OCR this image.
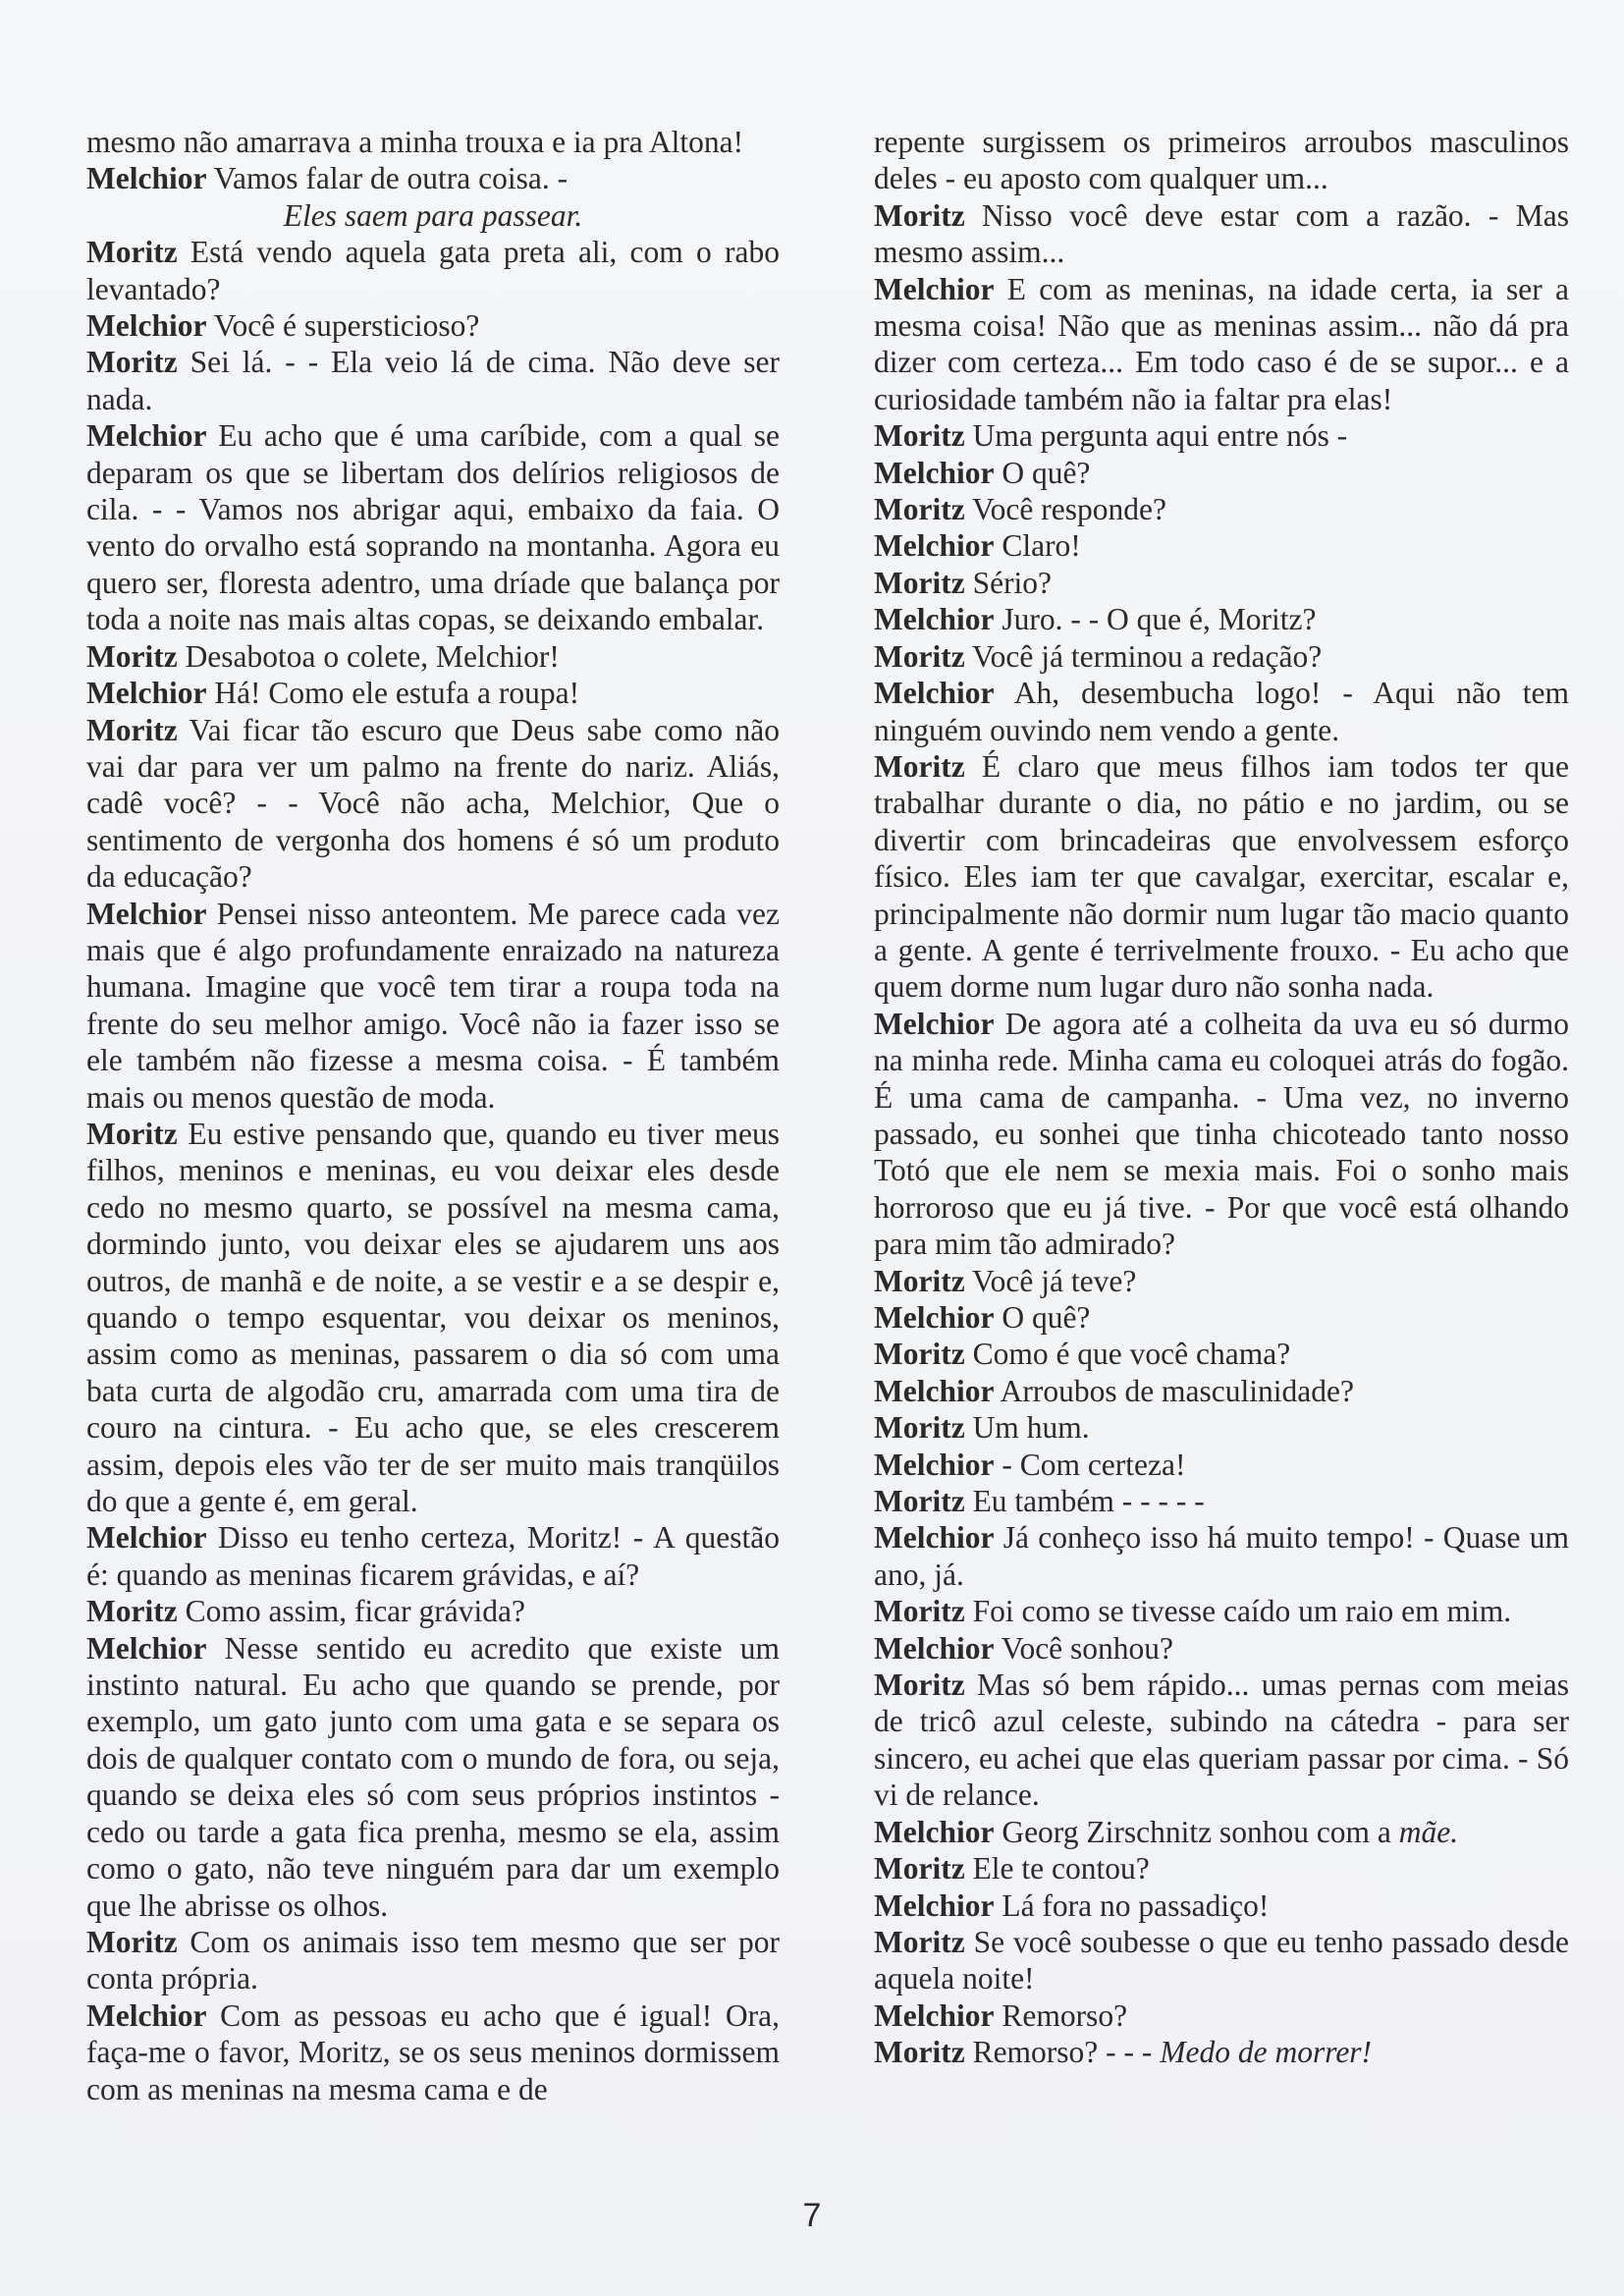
mesmo não amarrava a minha trouxa e ia pra Altona!

Melchior Vamos falar de outra coisa. -

Eles saem para passear.

Moritz Está vendo aquela gata preta ali, com o rabo levantado?

Melchior Você é supersticioso?

Moritz Sei lá. - - Ela veio lá de cima. Não deve ser nada.

Melchior Eu acho que é uma caríbide, com a qual se deparam os que se libertam dos delírios religiosos de cila. - - Vamos nos abrigar aqui, embaixo da faia. O vento do orvalho está soprando na montanha. Agora eu quero ser, floresta adentro, uma dríade que balança por toda a noite nas mais altas copas, se deixando embalar.

Moritz Desabotoa o colete, Melchior!

Melchior Há! Como ele estufa a roupa!

Moritz Vai ficar tão escuro que Deus sabe como não vai dar para ver um palmo na frente do nariz. Aliás, cadê você? - - Você não acha, Melchior, Que o sentimento de vergonha dos homens é só um produto da educação?

Melchior Pensei nisso anteontem. Me parece cada vez mais que é algo profundamente enraizado na natureza humana. Imagine que você tem tirar a roupa toda na frente do seu melhor amigo. Você não ia fazer isso se ele também não fizesse a mesma coisa. - É também mais ou menos questão de moda.

Moritz Eu estive pensando que, quando eu tiver meus filhos, meninos e meninas, eu vou deixar eles desde cedo no mesmo quarto, se possível na mesma cama, dormindo junto, vou deixar eles se ajudarem uns aos outros, de manhã e de noite, a se vestir e a se despir e, quando o tempo esquentar, vou deixar os meninos, assim como as meninas, passarem o dia só com uma bata curta de algodão cru, amarrada com uma tira de couro na cintura. - Eu acho que, se eles crescerem assim, depois eles vão ter de ser muito mais tranqüilos do que a gente é, em geral.

Melchior Disso eu tenho certeza, Moritz! - A questão é: quando as meninas ficarem grávidas, e aí?

Moritz Como assim, ficar grávida?

Melchior Nesse sentido eu acredito que existe um instinto natural. Eu acho que quando se prende, por exemplo, um gato junto com uma gata e se separa os dois de qualquer contato com o mundo de fora, ou seja, quando se deixa eles só com seus próprios instintos - cedo ou tarde a gata fica prenha, mesmo se ela, assim como o gato, não teve ninguém para dar um exemplo que lhe abrisse os olhos.

Moritz Com os animais isso tem mesmo que ser por conta própria.

Melchior Com as pessoas eu acho que é igual! Ora, faça-me o favor, Moritz, se os seus meninos dormissem com as meninas na mesma cama e de

repente surgissem os primeiros arroubos masculinos deles - eu aposto com qualquer um...

Moritz Nisso você deve estar com a razão. - Mas mesmo assim...

Melchior E com as meninas, na idade certa, ia ser a mesma coisa! Não que as meninas assim... não dá pra dizer com certeza... Em todo caso é de se supor... e a curiosidade também não ia faltar pra elas!

Moritz Uma pergunta aqui entre nós -

Melchior O quê?

Moritz Você responde?

Melchior Claro!

Moritz Sério?

Melchior Juro. - - O que é, Moritz?

Moritz Você já terminou a redação?

Melchior Ah, desembucha logo! - Aqui não tem ninguém ouvindo nem vendo a gente.

Moritz É claro que meus filhos iam todos ter que trabalhar durante o dia, no pátio e no jardim, ou se divertir com brincadeiras que envolvessem esforço físico. Eles iam ter que cavalgar, exercitar, escalar e, principalmente não dormir num lugar tão macio quanto a gente. A gente é terrivelmente frouxo. - Eu acho que quem dorme num lugar duro não sonha nada.

Melchior De agora até a colheita da uva eu só durmo na minha rede. Minha cama eu coloquei atrás do fogão. É uma cama de campanha. - Uma vez, no inverno passado, eu sonhei que tinha chicoteado tanto nosso Totó que ele nem se mexia mais. Foi o sonho mais horroroso que eu já tive. - Por que você está olhando para mim tão admirado?

Moritz Você já teve?

Melchior O quê?

Moritz Como é que você chama?

Melchior Arroubos de masculinidade?

Moritz Um hum.

Melchior - Com certeza!

Moritz Eu também - - - - -

Melchior Já conheço isso há muito tempo! - Quase um ano, já.

Moritz Foi como se tivesse caído um raio em mim.

Melchior Você sonhou?

Moritz Mas só bem rápido... umas pernas com meias de tricô azul celeste, subindo na cátedra - para ser sincero, eu achei que elas queriam passar por cima. - Só vi de relance.

Melchior Georg Zirschnitz sonhou com a mãe.

Moritz Ele te contou?

Melchior Lá fora no passadiço!

Moritz Se você soubesse o que eu tenho passado desde aquela noite!

Melchior Remorso?

Moritz Remorso? - - - Medo de morrer!

7
